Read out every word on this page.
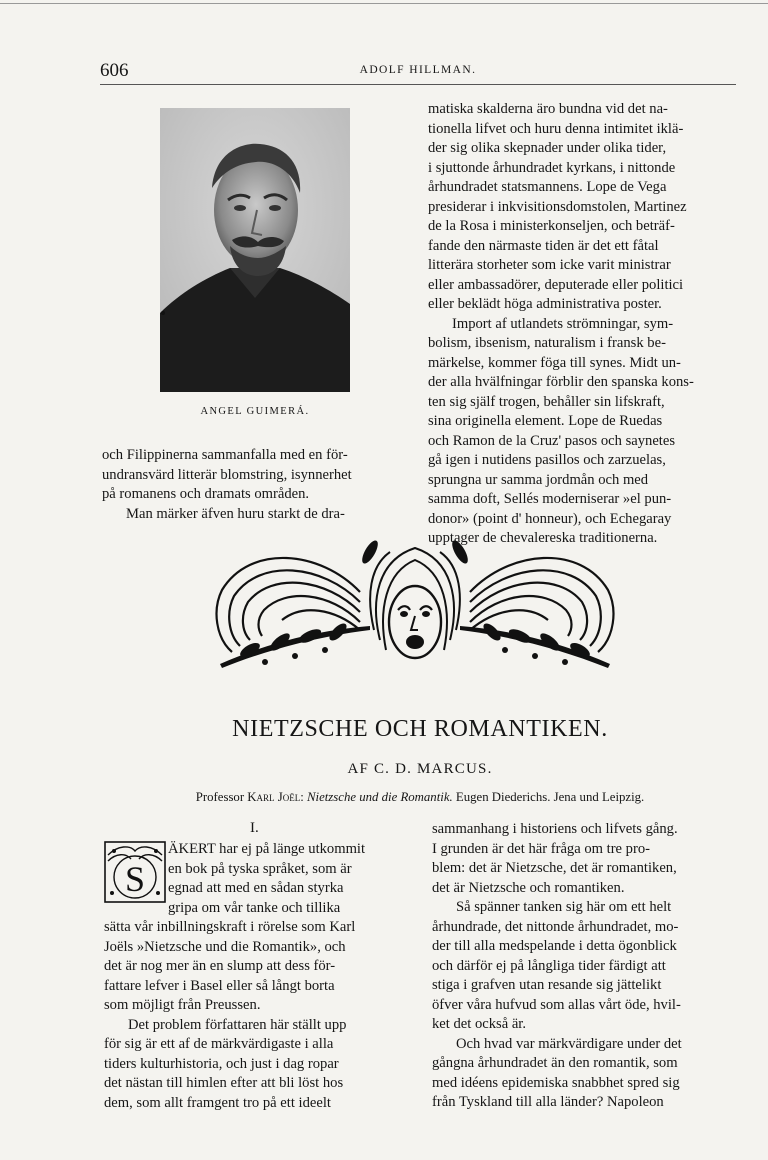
606	ADOLF HILLMAN.
ANGEL GUIMERÁ.

och Filippinerna sammanfalla med en för-

undransvärd litterär blomstring, isynnerhet

på romanens och dramats områden.

Man märker äfven huru starkt de dra-

matiska skalderna äro bundna vid det na-

tionella lifvet och huru denna intimitet iklä-

der sig olika skepnader under olika tider,

i sjuttonde århundradet kyrkans, i nittonde

århundradet statsmannens. Lope de Vega

presiderar i inkvisitionsdomstolen, Martinez

de la Rosa i ministerkonseljen, och beträf-

fande den närmaste tiden är det ett fåtal

litterära storheter som icke varit ministrar

eller ambassadörer, deputerade eller politici

eller beklädt höga administrativa poster.

Import af utlandets strömningar, sym-

bolism, ibsenism, naturalism i fransk be-

märkelse, kommer föga till synes. Midt un-

der alla hvälfningar förblir den spanska kons-

ten sig själf trogen, behåller sin lifskraft,

sina originella element. Lope de Ruedas

och Ramon de la Cruz' pasos och saynetes

gå igen i nutidens pasillos och zarzuelas,

sprungna ur samma jordmån och med

samma doft, Sellés moderniserar »el pun-

donor» (point d' honneur), och Echegaray

upptager de chevalereska traditionerna.

NIETZSCHE OCH ROMANTIKEN.
AF C. D. MARCUS.
Professor Karl Joël: Nietzsche und die Romantik. Eugen Diederichs. Jena und Leipzig.
I.
S

ÄKERT har ej på länge utkommit

en bok på tyska språket, som är

egnad att med en sådan styrka

gripa om vår tanke och tillika

sätta vår inbillningskraft i rörelse som Karl

Joëls »Nietzsche und die Romantik», och

det är nog mer än en slump att dess för-

fattare lefver i Basel eller så långt borta

som möjligt från Preussen.

Det problem författaren här ställt upp

för sig är ett af de märkvärdigaste i alla

tiders kulturhistoria, och just i dag ropar

det nästan till himlen efter att bli löst hos

dem, som allt framgent tro på ett ideelt

sammanhang i historiens och lifvets gång.

I grunden är det här fråga om tre pro-

blem: det är Nietzsche, det är romantiken,

det är Nietzsche och romantiken.

Så spänner tanken sig här om ett helt

århundrade, det nittonde århundradet, mo-

der till alla medspelande i detta ögonblick

och därför ej på långliga tider färdigt att

stiga i grafven utan resande sig jättelikt

öfver våra hufvud som allas vårt öde, hvil-

ket det också är.

Och hvad var märkvärdigare under det

gångna århundradet än den romantik, som

med idéens epidemiska snabbhet spred sig

från Tyskland till alla länder? Napoleon
